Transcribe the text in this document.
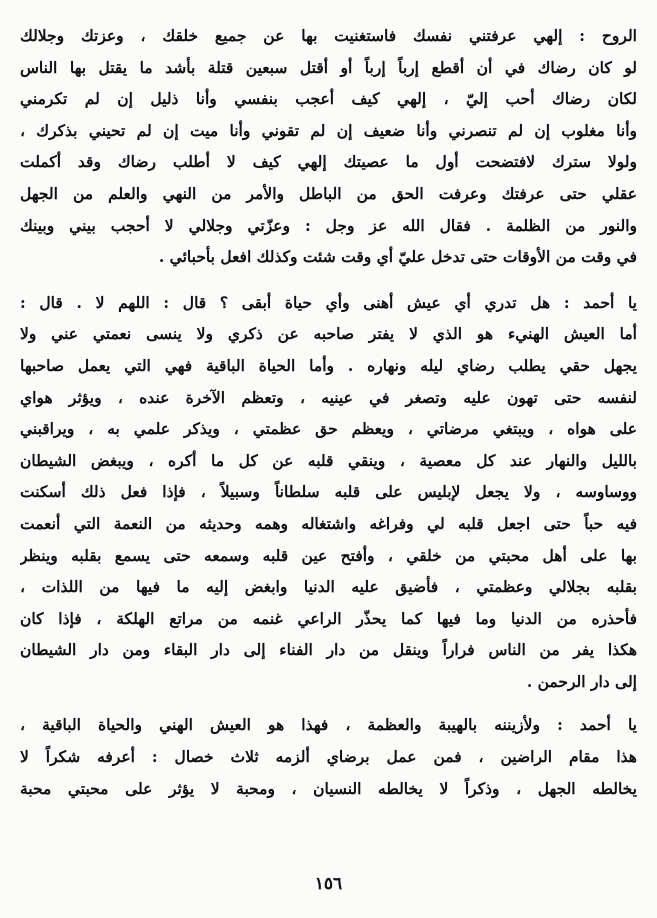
الروح : إلهي عرفتني نفسك فاستغنيت بها عن جميع خلقك ، وعزتك وجلالك
لو كان رضاك في أن أقطع إرباً إرباً أو أقتل سبعين قتلة بأشد ما يقتل بها الناس
لكان رضاك أحب إليّ ، إلهي كيف أعجب بنفسي وأنا ذليل إن لم تكرمني
وأنا مغلوب إن لم تنصرني وأنا ضعيف إن لم تقوني وأنا ميت إن لم تحيني بذكرك ،
ولولا سترك لافتضحت أول ما عصيتك إلهي كيف لا أطلب رضاك وقد أكملت
عقلي حتى عرفتك وعرفت الحق من الباطل والأمر من النهي والعلم من الجهل
والنور من الظلمة . فقال الله عز وجل : وعزّتي وجلالي لا أحجب بيني وبينك
في وقت من الأوقات حتى تدخل عليّ أي وقت شئت وكذلك افعل بأحبائي .
يا أحمد : هل تدري أي عيش أهنى وأي حياة أبقى ؟ قال : اللهم لا . قال :
أما العيش الهنيء هو الذي لا يفتر صاحبه عن ذكري ولا ينسى نعمتي عني ولا
يجهل حقي يطلب رضاي ليله ونهاره . وأما الحياة الباقية فهي التي يعمل صاحبها
لنفسه حتى تهون عليه وتصغر في عينيه ، وتعظم الآخرة عنده ، ويؤثر هواي
على هواه ، ويبتغي مرضاتي ، ويعظم حق عظمتي ، ويذكر علمي به ، ويراقبني
بالليل والنهار عند كل معصية ، وينقي قلبه عن كل ما أكره ، ويبغض الشيطان
ووساوسه ، ولا يجعل لإبليس على قلبه سلطاناً وسبيلاً ، فإذا فعل ذلك أسكنت
فيه حباً حتى اجعل قلبه لي وفراغه واشتغاله وهمه وحديثه من النعمة التي أنعمت
بها على أهل محبتي من خلقي ، وأفتح عين قلبه وسمعه حتى يسمع بقلبه وينظر
بقلبه بجلالي وعظمتي ، فأضيق عليه الدنيا وابغض إليه ما فيها من اللذات ،
فأحذره من الدنيا وما فيها كما يحذّر الراعي غنمه من مراتع الهلكة ، فإذا كان
هكذا يفر من الناس فراراً وينقل من دار الفناء إلى دار البقاء ومن دار الشيطان
إلى دار الرحمن .
يا أحمد : ولأزيننه بالهيبة والعظمة ، فهذا هو العيش الهني والحياة الباقية ،
هذا مقام الراضين ، فمن عمل برضاي ألزمه ثلاث خصال : أعرفه شكراً لا
يخالطه الجهل ، وذكراً لا يخالطه النسيان ، ومحبة لا يؤثر على محبتي محبة
١٥٦
